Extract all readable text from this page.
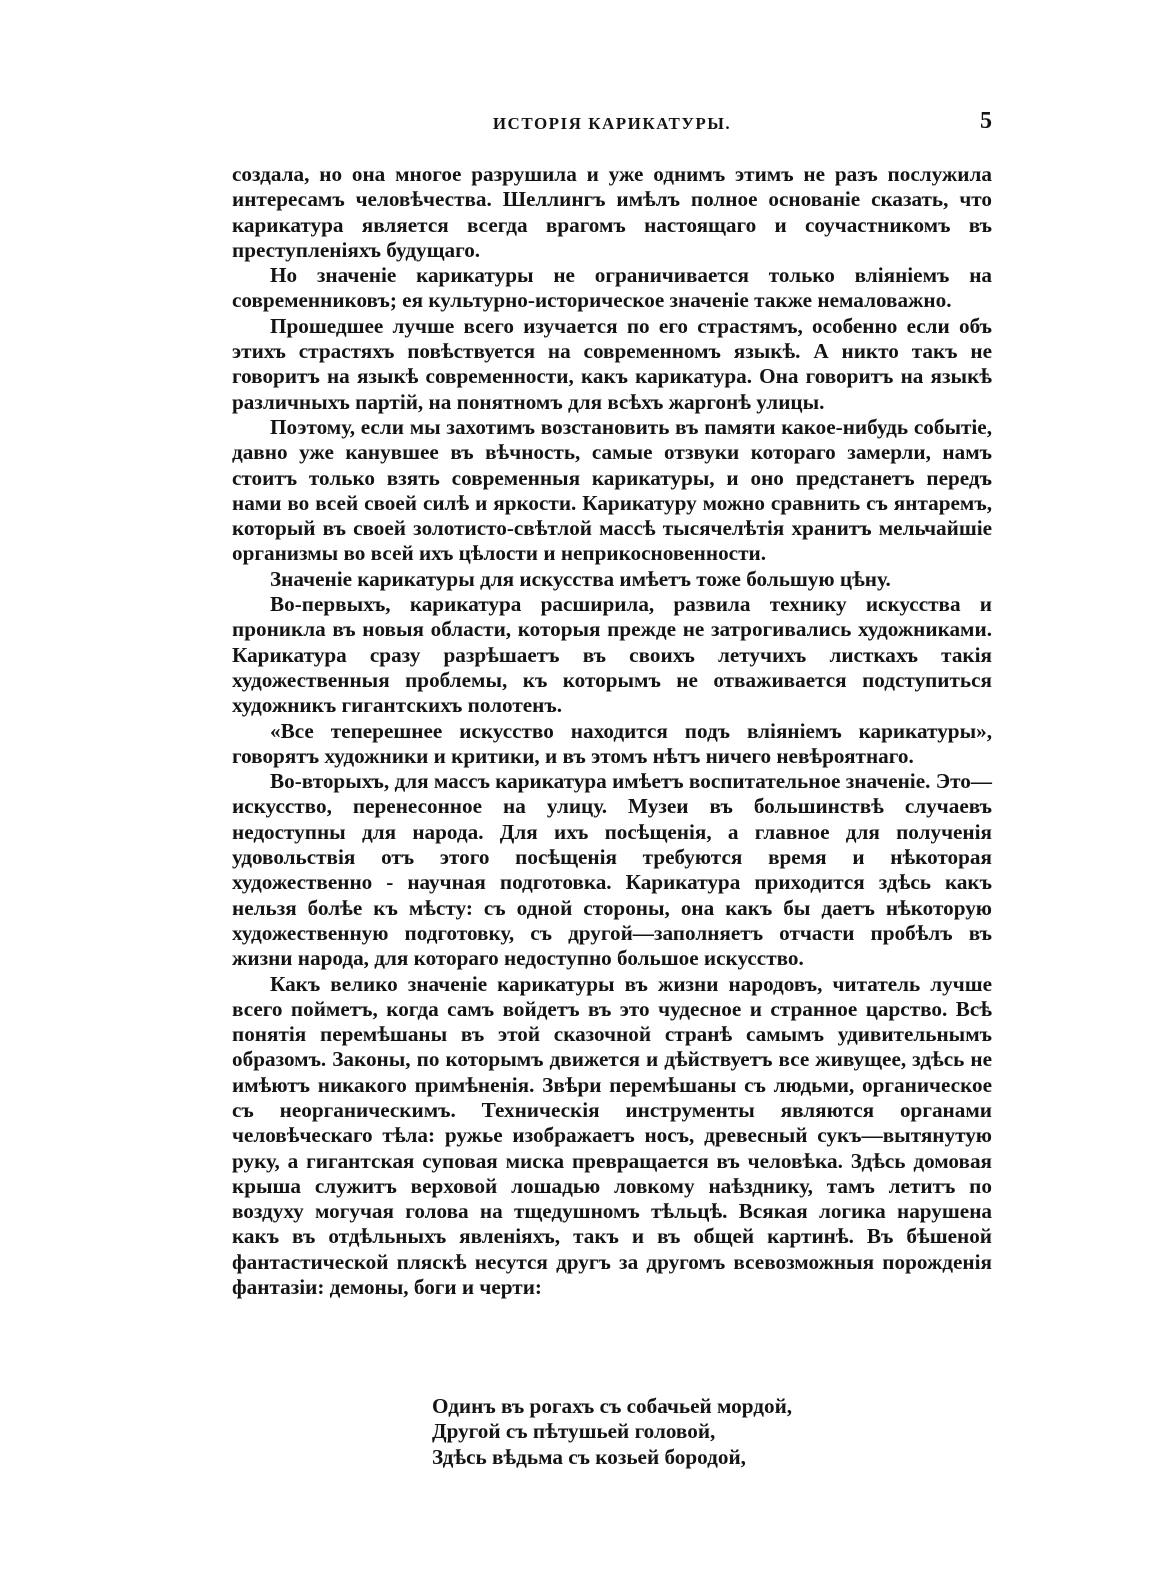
ИСТОРІЯ КАРИКАТУРЫ.	5

создала, но она многое разрушила и уже однимъ этимъ не разъ послужила интересамъ человѣчества. Шеллингъ имѣлъ полное основаніе сказать, что карикатура является всегда врагомъ настоящаго и соучастникомъ въ преступленіяхъ будущаго.

Но значеніе карикатуры не ограничивается только вліяніемъ на современниковъ; ея культурно-историческое значеніе также немаловажно.

Прошедшее лучше всего изучается по его страстямъ, особенно если объ этихъ страстяхъ повѣствуется на современномъ языкѣ. А никто такъ не говоритъ на языкѣ современности, какъ карикатура. Она говоритъ на языкѣ различныхъ партій, на понятномъ для всѣхъ жаргонѣ улицы.

Поэтому, если мы захотимъ возстановить въ памяти какое-нибудь событіе, давно уже канувшее въ вѣчность, самые отзвуки котораго замерли, намъ стоитъ только взять современныя карикатуры, и оно предстанетъ передъ нами во всей своей силѣ и яркости. Карикатуру можно сравнить съ янтаремъ, который въ своей золотисто-свѣтлой массѣ тысячелѣтія хранитъ мельчайшіе организмы во всей ихъ цѣлости и неприкосновенности.

Значеніе карикатуры для искусства имѣетъ тоже большую цѣну.

Во-первыхъ, карикатура расширила, развила технику искусства и проникла въ новыя области, которыя прежде не затрогивались художниками. Карикатура сразу разрѣшаетъ въ своихъ летучихъ листкахъ такія художественныя проблемы, къ которымъ не отваживается подступиться художникъ гигантскихъ полотенъ.

«Все теперешнее искусство находится подъ вліяніемъ карикатуры», говорятъ художники и критики, и въ этомъ нѣтъ ничего невѣроятнаго.

Во-вторыхъ, для массъ карикатура имѣетъ воспитательное значеніе. Это—искусство, перенесонное на улицу. Музеи въ большинствѣ случаевъ недоступны для народа. Для ихъ посѣщенія, а главное для полученія удовольствія отъ этого посѣщенія требуются время и нѣкоторая художественно - научная подготовка. Карикатура приходится здѣсь какъ нельзя болѣе къ мѣсту: съ одной стороны, она какъ бы даетъ нѣкоторую художественную подготовку, съ другой—заполняетъ отчасти пробѣлъ въ жизни народа, для котораго недоступно большое искусство.

Какъ велико значеніе карикатуры въ жизни народовъ, читатель лучше всего пойметъ, когда самъ войдетъ въ это чудесное и странное царство. Всѣ понятія перемѣшаны въ этой сказочной странѣ самымъ удивительнымъ образомъ. Законы, по которымъ движется и дѣйствуетъ все живущее, здѣсь не имѣютъ никакого примѣненія. Звѣри перемѣшаны съ людьми, органическое съ неорганическимъ. Техническія инструменты являются органами человѣческаго тѣла: ружье изображаетъ носъ, древесный сукъ—вытянутую руку, а гигантская суповая миска превращается въ человѣка. Здѣсь домовая крыша служитъ верховой лошадью ловкому наѣзднику, тамъ летитъ по воздуху могучая голова на тщедушномъ тѣльцѣ. Всякая логика нарушена какъ въ отдѣльныхъ явленіяхъ, такъ и въ общей картинѣ. Въ бѣшеной фантастической пляскѣ несутся другъ за другомъ всевозможныя порожденія фантазіи: демоны, боги и черти:

Одинъ въ рогахъ съ собачьей мордой,
Другой съ пѣтушьей головой,
Здѣсь вѣдьма съ козьей бородой,
